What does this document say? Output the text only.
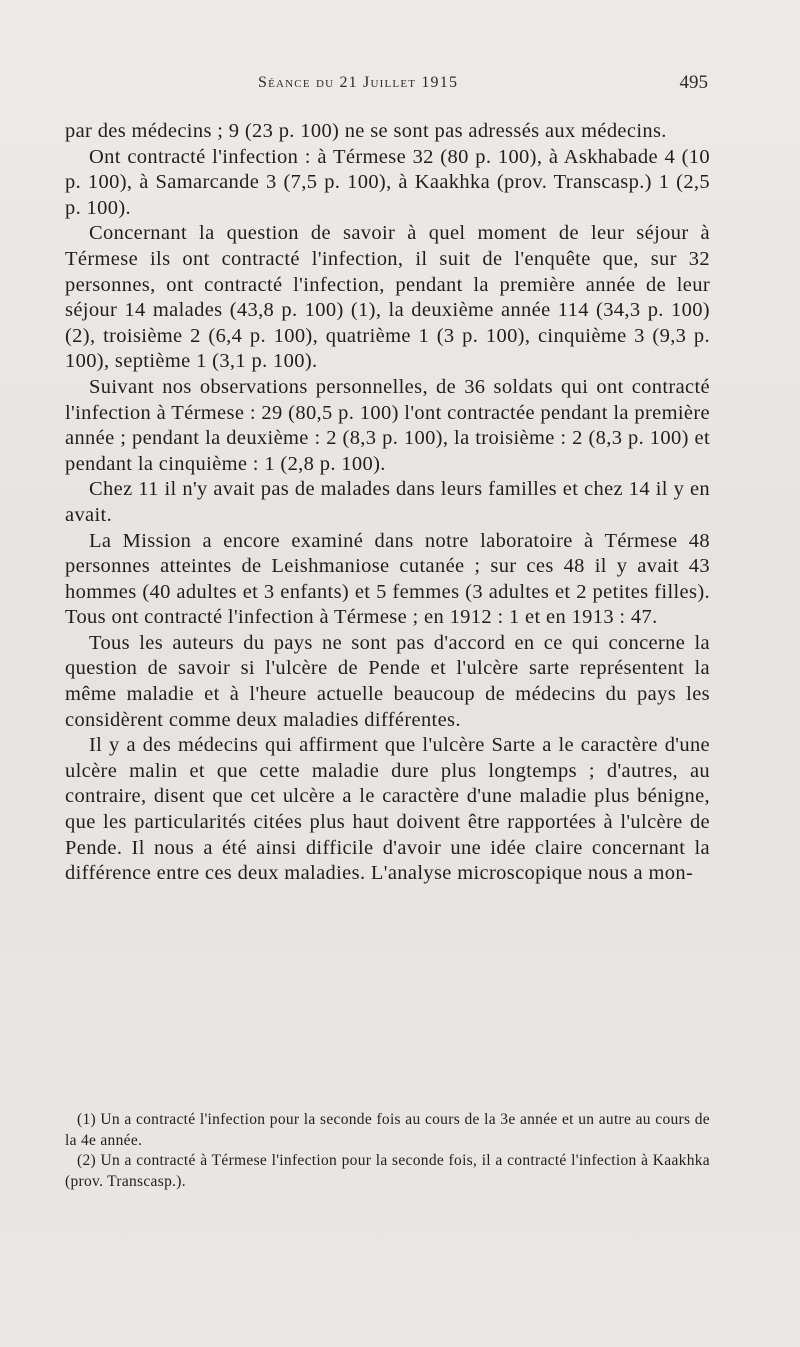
Séance du 21 Juillet 1915	495

par des médecins ; 9 (23 p. 100) ne se sont pas adressés aux médecins.

Ont contracté l'infection : à Térmese 32 (80 p. 100), à Askhabade 4 (10 p. 100), à Samarcande 3 (7,5 p. 100), à Kaakhka (prov. Transcasp.) 1 (2,5 p. 100).

Concernant la question de savoir à quel moment de leur séjour à Térmese ils ont contracté l'infection, il suit de l'enquête que, sur 32 personnes, ont contracté l'infection, pendant la première année de leur séjour 14 malades (43,8 p. 100) (1), la deuxième année 114 (34,3 p. 100) (2), troisième 2 (6,4 p. 100), quatrième 1 (3 p. 100), cinquième 3 (9,3 p. 100), septième 1 (3,1 p. 100).

Suivant nos observations personnelles, de 36 soldats qui ont contracté l'infection à Térmese : 29 (80,5 p. 100) l'ont contractée pendant la première année ; pendant la deuxième : 2 (8,3 p. 100), la troisième : 2 (8,3 p. 100) et pendant la cinquième : 1 (2,8 p. 100).

Chez 11 il n'y avait pas de malades dans leurs familles et chez 14 il y en avait.

La Mission a encore examiné dans notre laboratoire à Térmese 48 personnes atteintes de Leishmaniose cutanée ; sur ces 48 il y avait 43 hommes (40 adultes et 3 enfants) et 5 femmes (3 adultes et 2 petites filles). Tous ont contracté l'infection à Térmese ; en 1912 : 1 et en 1913 : 47.

Tous les auteurs du pays ne sont pas d'accord en ce qui concerne la question de savoir si l'ulcère de Pende et l'ulcère sarte représentent la même maladie et à l'heure actuelle beaucoup de médecins du pays les considèrent comme deux maladies différentes.

Il y a des médecins qui affirment que l'ulcère Sarte a le caractère d'une ulcère malin et que cette maladie dure plus longtemps ; d'autres, au contraire, disent que cet ulcère a le caractère d'une maladie plus bénigne, que les particularités citées plus haut doivent être rapportées à l'ulcère de Pende. Il nous a été ainsi difficile d'avoir une idée claire concernant la différence entre ces deux maladies. L'analyse microscopique nous a mon-

(1) Un a contracté l'infection pour la seconde fois au cours de la 3e année et un autre au cours de la 4e année.

(2) Un a contracté à Térmese l'infection pour la seconde fois, il a contracté l'infection à Kaakhka (prov. Transcasp.).
